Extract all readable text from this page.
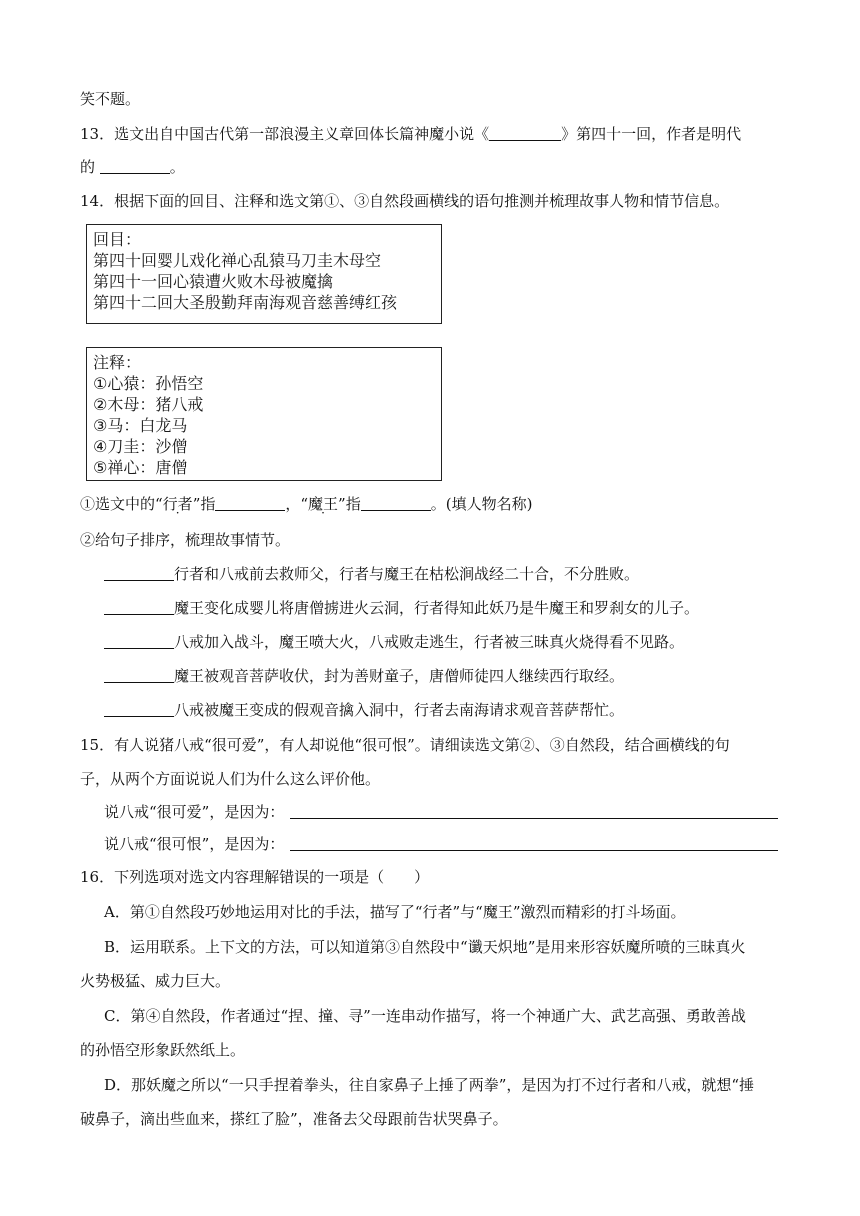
笑不题。
13．选文出自中国古代第一部浪漫主义章回体长篇神魔小说《	》第四十一回，作者是明代
的	。
14．根据下面的回目、注释和选文第①、③自然段画横线的语句推测并梳理故事人物和情节信息。
回目：
第四十回婴儿戏化禅心乱猿马刀圭木母空
第四十一回心猿遭火败木母被魔擒
第四十二回大圣殷勤拜南海观音慈善缚红孩
注释：
①心猿：孙悟空
②木母：猪八戒
③马：白龙马
④刀圭：沙僧
⑤禅心：唐僧
①选文中的“行者”指	，“魔王”指	。(填人物名称)
②给句子排序，梳理故事情节。
行者和八戒前去救师父，行者与魔王在枯松涧战经二十合，不分胜败。
魔王变化成婴儿将唐僧掳进火云洞，行者得知此妖乃是牛魔王和罗刹女的儿子。
八戒加入战斗，魔王喷大火，八戒败走逃生，行者被三昧真火烧得看不见路。
魔王被观音菩萨收伏，封为善财童子，唐僧师徒四人继续西行取经。
八戒被魔王变成的假观音擒入洞中，行者去南海请求观音菩萨帮忙。
15．有人说猪八戒“很可爱”，有人却说他“很可恨”。请细读选文第②、③自然段，结合画横线的句
子，从两个方面说说人们为什么这么评价他。
说八戒“很可爱”，是因为：
说八戒“很可恨”，是因为：
16．下列选项对选文内容理解错误的一项是（　　）
A．第①自然段巧妙地运用对比的手法，描写了“行者”与“魔王”激烈而精彩的打斗场面。
B．运用联系。上下文的方法，可以知道第③自然段中“谶天炽地”是用来形容妖魔所喷的三昧真火
火势极猛、威力巨大。
C．第④自然段，作者通过“捏、撞、寻”一连串动作描写，将一个神通广大、武艺高强、勇敢善战
的孙悟空形象跃然纸上。
D．那妖魔之所以“一只手捏着拳头，往自家鼻子上捶了两拳”，是因为打不过行者和八戒，就想“捶
破鼻子，滴出些血来，搽红了脸”，准备去父母跟前告状哭鼻子。
